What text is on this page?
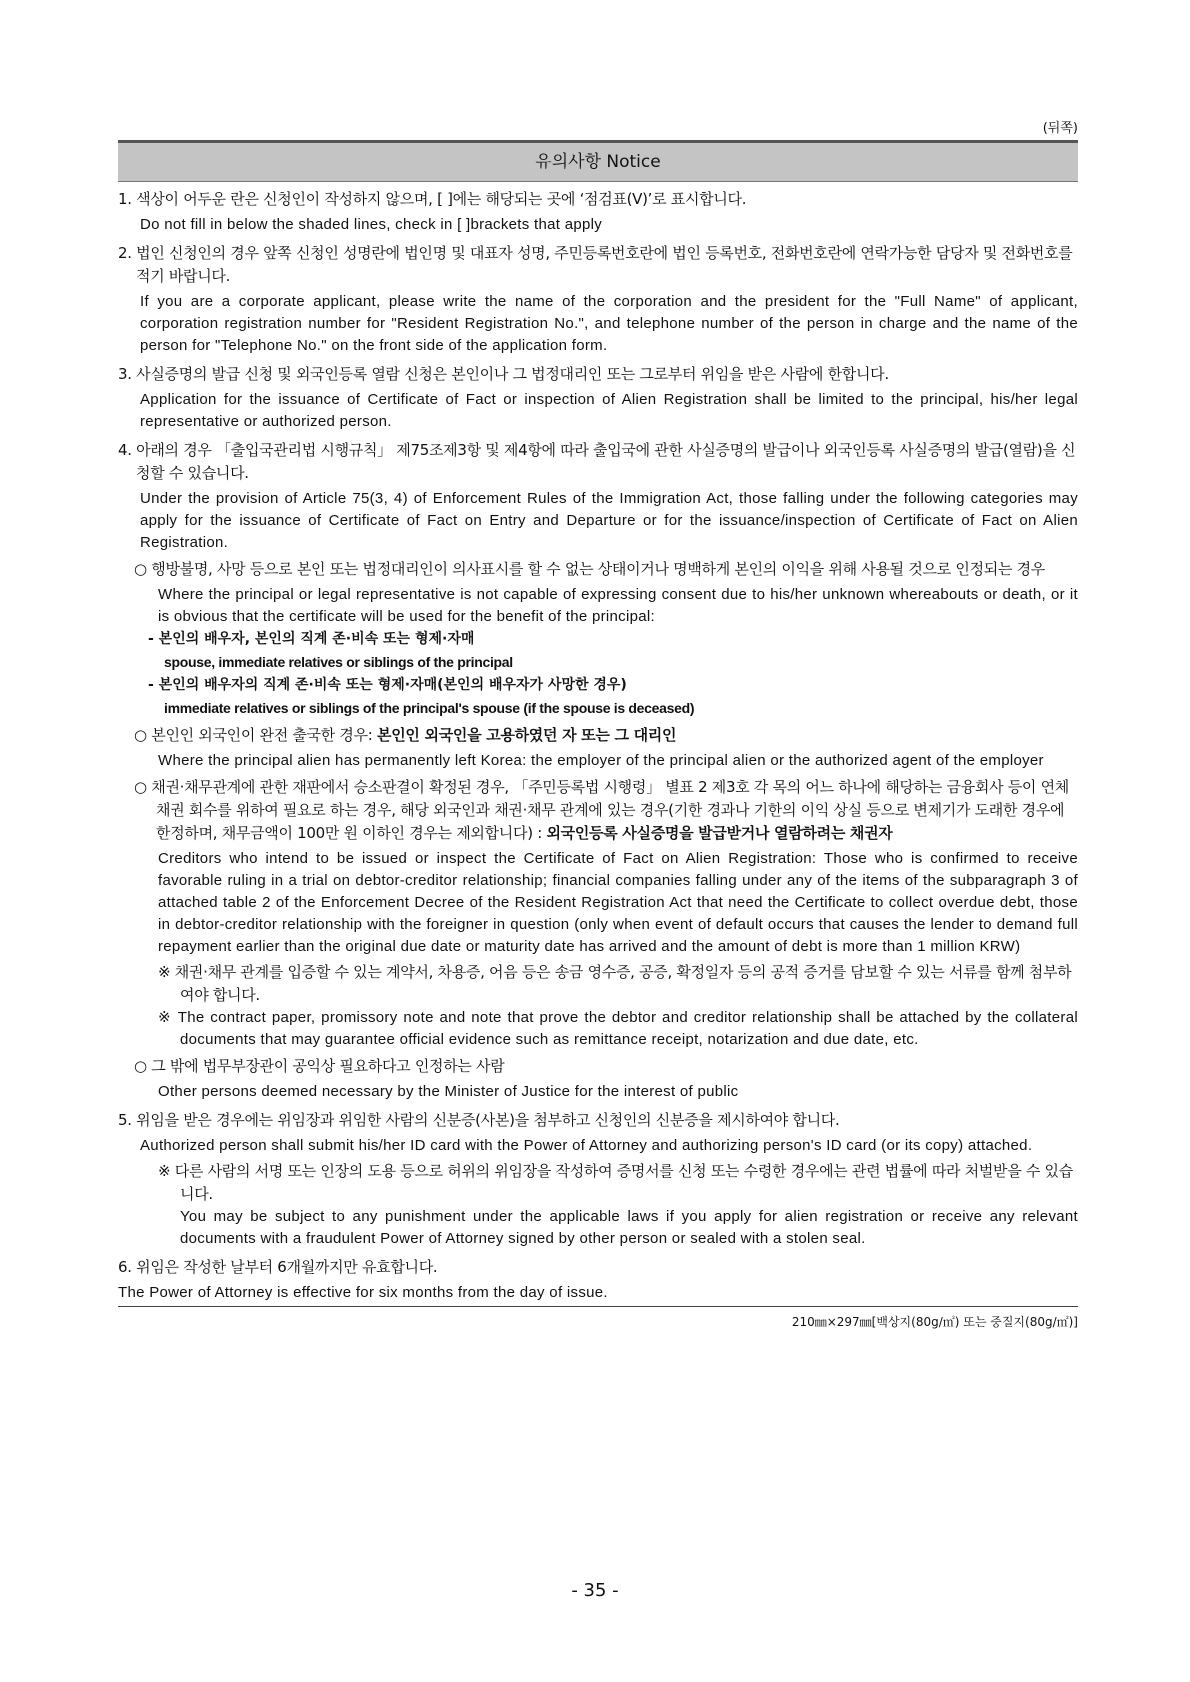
(뒤쪽)
유의사항 Notice
1. 색상이 어두운 란은 신청인이 작성하지 않으며, [ ]에는 해당되는 곳에 ‘점검표(V)’로 표시합니다.
Do not fill in below the shaded lines, check in [ ]brackets that apply
2. 법인 신청인의 경우 앞쪽 신청인 성명란에 법인명 및 대표자 성명, 주민등록번호란에 법인 등록번호, 전화번호란에 연락가능한 담당자 및 전화번호를 적기 바랍니다.
If you are a corporate applicant, please write the name of the corporation and the president for the "Full Name" of applicant, corporation registration number for "Resident Registration No.", and telephone number of the person in charge and the name of the person for "Telephone No." on the front side of the application form.
3. 사실증명의 발급 신청 및 외국인등록 열람 신청은 본인이나 그 법정대리인 또는 그로부터 위임을 받은 사람에 한합니다.
Application for the issuance of Certificate of Fact or inspection of Alien Registration shall be limited to the principal, his/her legal representative or authorized person.
4. 아래의 경우 「출입국관리법 시행규칙」 제75조제3항 및 제4항에 따라 출입국에 관한 사실증명의 발급이나 외국인등록 사실증명의 발급(열람)을 신청할 수 있습니다.
Under the provision of Article 75(3, 4) of Enforcement Rules of the Immigration Act, those falling under the following categories may apply for the issuance of Certificate of Fact on Entry and Departure or for the issuance/inspection of Certificate of Fact on Alien Registration.
○ 행방불명, 사망 등으로 본인 또는 법정대리인이 의사표시를 할 수 없는 상태이거나 명백하게 본인의 이익을 위해 사용될 것으로 인정되는 경우
Where the principal or legal representative is not capable of expressing consent due to his/her unknown whereabouts or death, or it is obvious that the certificate will be used for the benefit of the principal:
- 본인의 배우자, 본인의 직계 존·비속 또는 형제·자매
spouse, immediate relatives or siblings of the principal
- 본인의 배우자의 직계 존·비속 또는 형제·자매(본인의 배우자가 사망한 경우)
immediate relatives or siblings of the principal's spouse (if the spouse is deceased)
○ 본인인 외국인이 완전 출국한 경우: 본인인 외국인을 고용하였던 자 또는 그 대리인
Where the principal alien has permanently left Korea: the employer of the principal alien or the authorized agent of the employer
○ 채권·채무관계에 관한 재판에서 승소판결이 확정된 경우, 「주민등록법 시행령」 별표 2 제3호 각 목의 어느 하나에 해당하는 금융회사 등이 연체채권 회수를 위하여 필요로 하는 경우, 해당 외국인과 채권·채무 관계에 있는 경우(기한 경과나 기한의 이익 상실 등으로 변제기가 도래한 경우에 한정하며, 채무금액이 100만 원 이하인 경우는 제외합니다) : 외국인등록 사실증명을 발급받거나 열람하려는 채권자
Creditors who intend to be issued or inspect the Certificate of Fact on Alien Registration: Those who is confirmed to receive favorable ruling in a trial on debtor-creditor relationship; financial companies falling under any of the items of the subparagraph 3 of attached table 2 of the Enforcement Decree of the Resident Registration Act that need the Certificate to collect overdue debt, those in debtor-creditor relationship with the foreigner in question (only when event of default occurs that causes the lender to demand full repayment earlier than the original due date or maturity date has arrived and the amount of debt is more than 1 million KRW)
※ 채권·채무 관계를 입증할 수 있는 계약서, 차용증, 어음 등은 송금 영수증, 공증, 확정일자 등의 공적 증거를 담보할 수 있는 서류를 함께 첨부하여야 합니다.
※ The contract paper, promissory note and note that prove the debtor and creditor relationship shall be attached by the collateral documents that may guarantee official evidence such as remittance receipt, notarization and due date, etc.
○ 그 밖에 법무부장관이 공익상 필요하다고 인정하는 사람
Other persons deemed necessary by the Minister of Justice for the interest of public
5. 위임을 받은 경우에는 위임장과 위임한 사람의 신분증(사본)을 첨부하고 신청인의 신분증을 제시하여야 합니다.
Authorized person shall submit his/her ID card with the Power of Attorney and authorizing person's ID card (or its copy) attached.
※ 다른 사람의 서명 또는 인장의 도용 등으로 허위의 위임장을 작성하여 증명서를 신청 또는 수령한 경우에는 관련 법률에 따라 처벌받을 수 있습니다.
You may be subject to any punishment under the applicable laws if you apply for alien registration or receive any relevant documents with a fraudulent Power of Attorney signed by other person or sealed with a stolen seal.
6. 위임은 작성한 날부터 6개월까지만 유효합니다.
The Power of Attorney is effective for six months from the day of issue.
210㎜×297㎜[백상지(80g/㎡) 또는 중질지(80g/㎡)]
- 35 -
